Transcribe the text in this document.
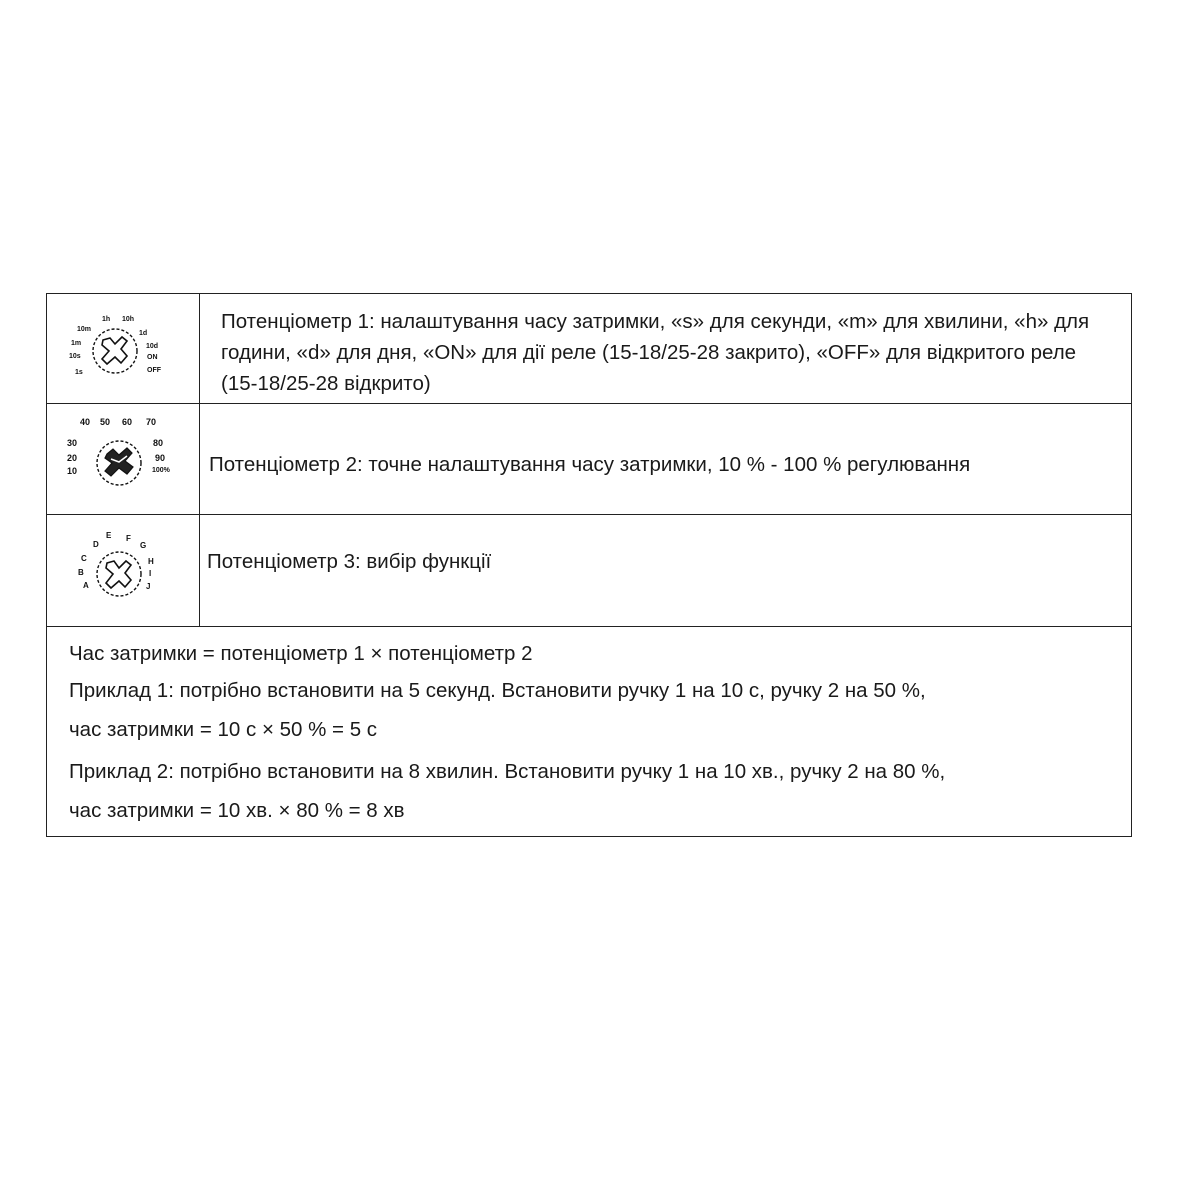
1h 10h
1d
10d
ON
OFF
1s
10s
1m
10m	Потенціометр 1: налаштування часу затримки, «s» для секунди, «m» для хвилини, «h» для години, «d» для дня, «ON» для дії реле (15-18/25-28 закрито), «OFF» для відкритого реле (15-18/25-28 відкрито)
40 50 60 70
80
90
100%
10
20
30
Потенціометр 2: точне налаштування часу затримки, 10 % - 100 % регулювання
D
E F
G
H
I
J
A
B
C	Потенціометр 3: вибір функції
Час затримки = потенціометр 1 × потенціометр 2
Приклад 1: потрібно встановити на 5 секунд. Встановити ручку 1 на 10 с, ручку 2 на 50 %,
час затримки = 10 с × 50 % = 5 с
Приклад 2: потрібно встановити на 8 хвилин. Встановити ручку 1 на 10 хв., ручку 2 на 80 %,
час затримки = 10 хв. × 80 % = 8 хв
